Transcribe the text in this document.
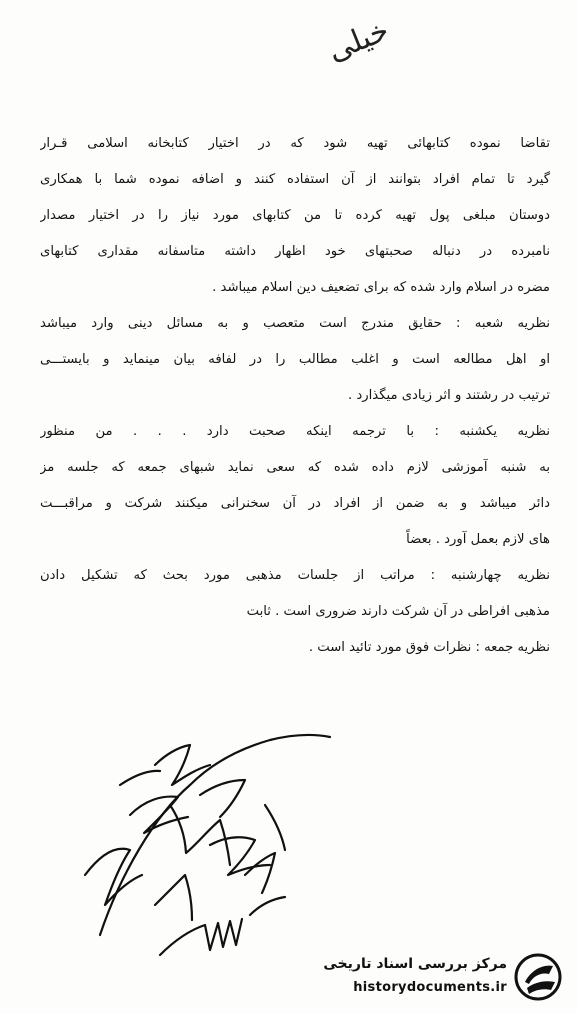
خیلی
تقاضا نموده کتابهائی تهیه شود که در اختیار کتابخانه اسلامی قـرار
گیرد تا تمام افراد بتوانند از آن استفاده کنند و اضافه نموده شما با همکاری
دوستان مبلغی پول تهیه کرده تا من کتابهای مورد نیاز را در اختیار مصدار
نامبرده در دنباله صحبتهای خود اظهار داشته متاسفانه مقداری کتابهای
مضره در اسلام وارد شده که برای تضعیف دین اسلام میباشد .
نظریه شعبه : حقایق مندرج است متعصب و به مسائل دینی وارد میباشد
او اهل مطالعه است و اغلب مطالب را در لفافه بیان مینماید و بایستـــی
ترتیب در رشتند و اثر زیادی میگذارد .
نظریه یکشنبه : با ترجمه اینکه صحبت دارد . . . من منظور
به شنبه آموزشی لازم داده شده که سعی نماید شبهای جمعه که جلسه مز
دائر میباشد و به ضمن از افراد در آن سخنرانی میکنند شرکت و مراقبـــت
های لازم بعمل آورد . بعضاً
نظریه چهارشنبه : مراتب از جلسات مذهبی مورد بحث که تشکیل دادن
مذهبی افراطی در آن شرکت دارند ضروری است . ثابت
نظریه جمعه : نظرات فوق مورد تائید است .
مرکز بررسی اسناد تاریخی
historydocuments.ir
